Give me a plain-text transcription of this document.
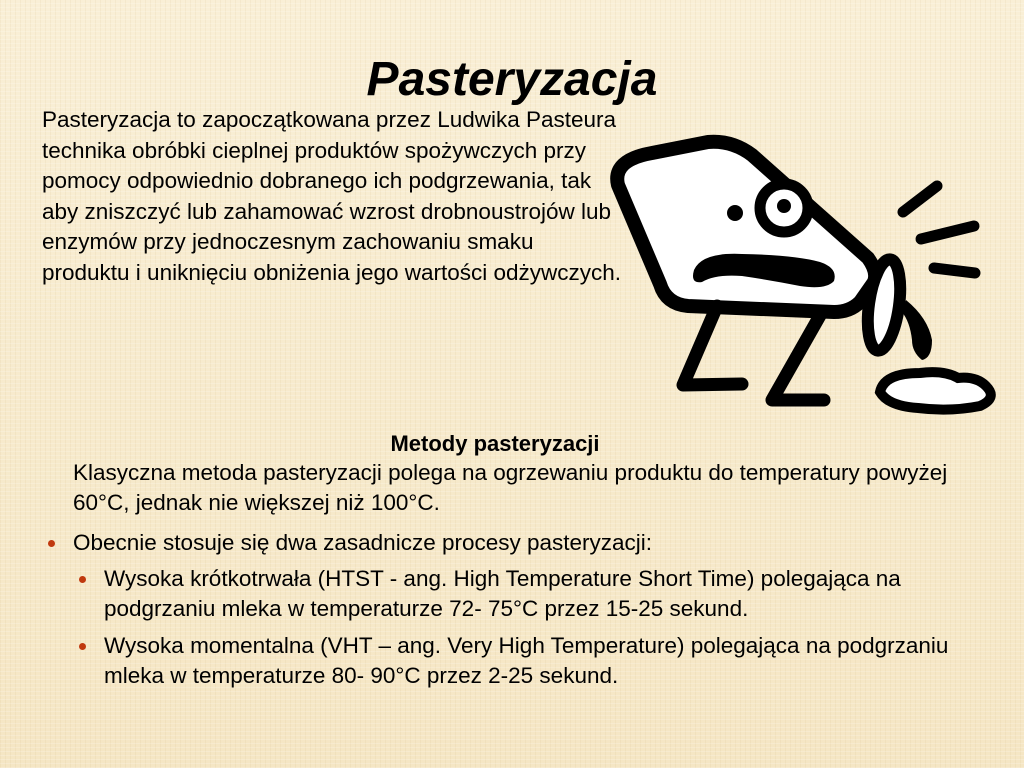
Pasteryzacja

Pasteryzacja to zapoczątkowana przez Ludwika Pasteura technika obróbki cieplnej produktów spożywczych przy pomocy odpowiednio dobranego ich podgrzewania, tak aby zniszczyć lub zahamować wzrost drobnoustrojów lub enzymów przy jednoczesnym zachowaniu smaku produktu i uniknięciu obniżenia jego wartości odżywczych.

Metody pasteryzacji

Klasyczna metoda pasteryzacji polega na ogrzewaniu produktu do temperatury powyżej 60°C, jednak nie większej niż 100°C.

Obecnie stosuje się dwa zasadnicze procesy pasteryzacji:
Wysoka krótkotrwała (HTST - ang. High Temperature Short Time) polegająca na podgrzaniu mleka w temperaturze 72- 75°C przez 15-25 sekund.
Wysoka momentalna (VHT – ang. Very High Temperature) polegająca na podgrzaniu mleka w temperaturze 80- 90°C przez 2-25 sekund.
